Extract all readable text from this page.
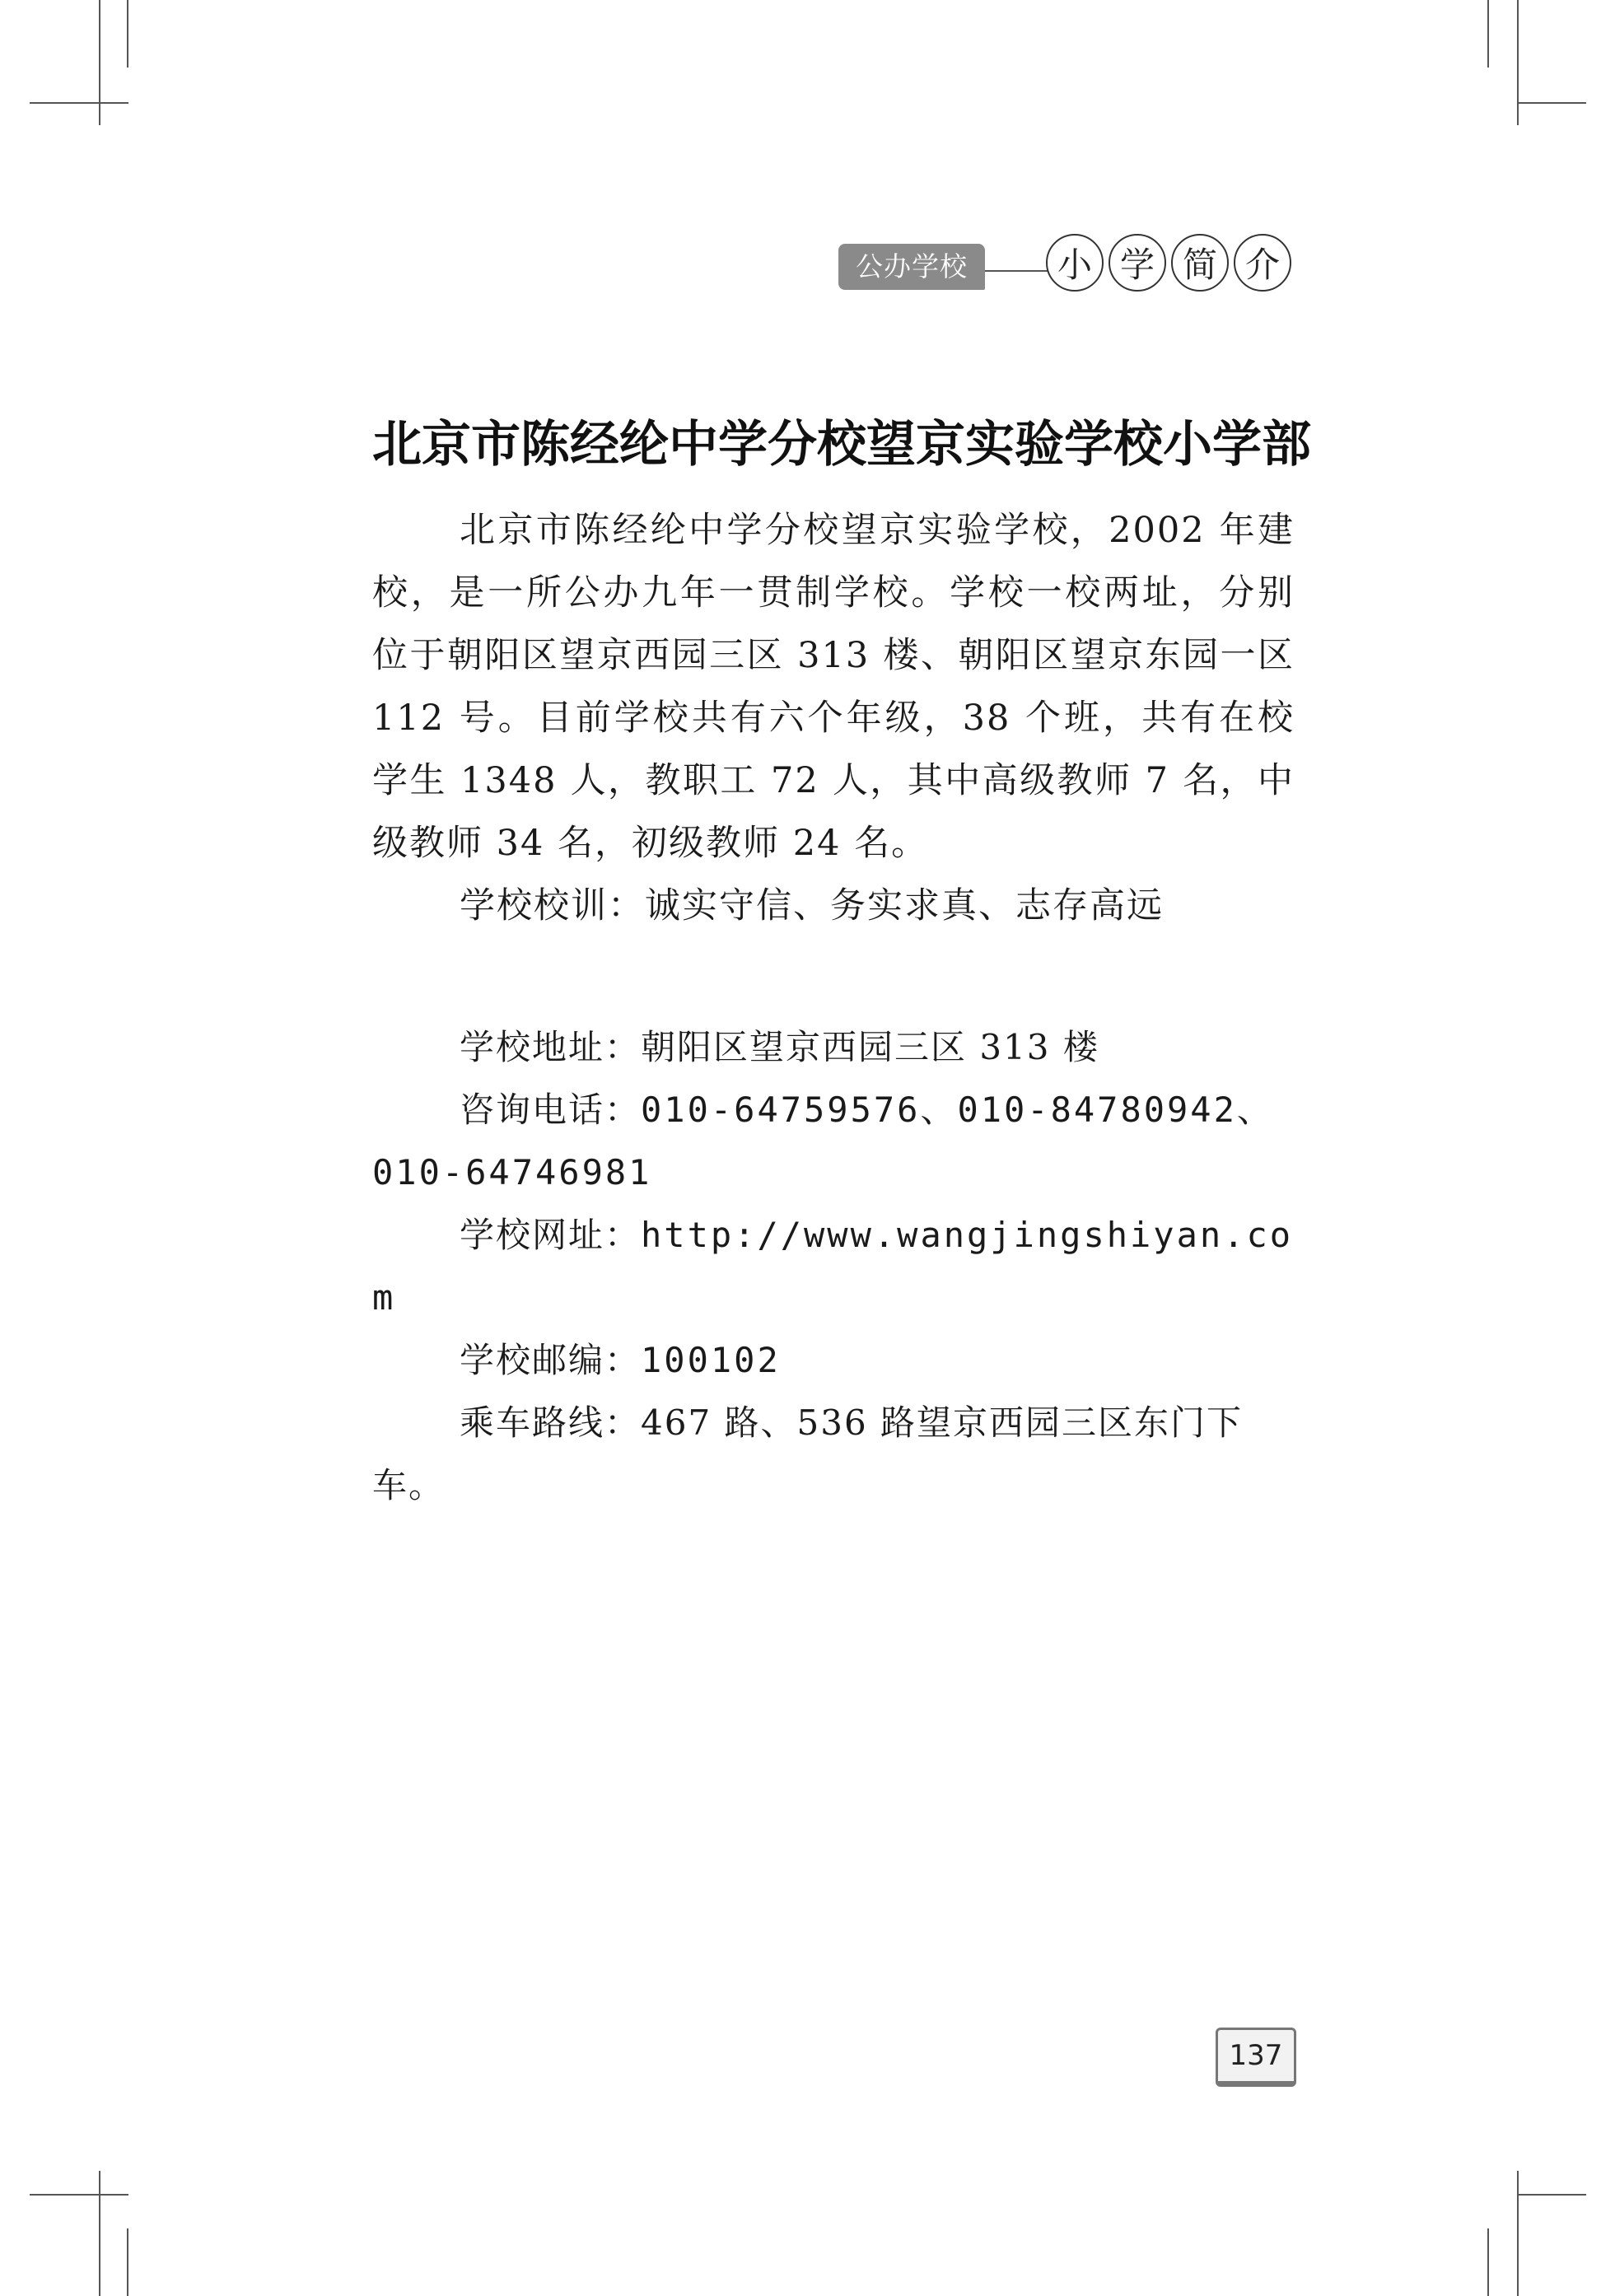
公办学校	小 学 简 介
北京市陈经纶中学分校望京实验学校小学部

北京市陈经纶中学分校望京实验学校，2002 年建校，是一所公办九年一贯制学校。学校一校两址，分别位于朝阳区望京西园三区 313 楼、朝阳区望京东园一区 112 号。目前学校共有六个年级，38 个班，共有在校学生 1348 人，教职工 72 人，其中高级教师 7 名，中级教师 34 名，初级教师 24 名。

学校校训：诚实守信、务实求真、志存高远

学校地址：朝阳区望京西园三区 313 楼

咨询电话：010-64759576、010-84780942、010-64746981

学校网址：http://www.wangjingshiyan.com

学校邮编：100102

乘车路线：467 路、536 路望京西园三区东门下车。

137
